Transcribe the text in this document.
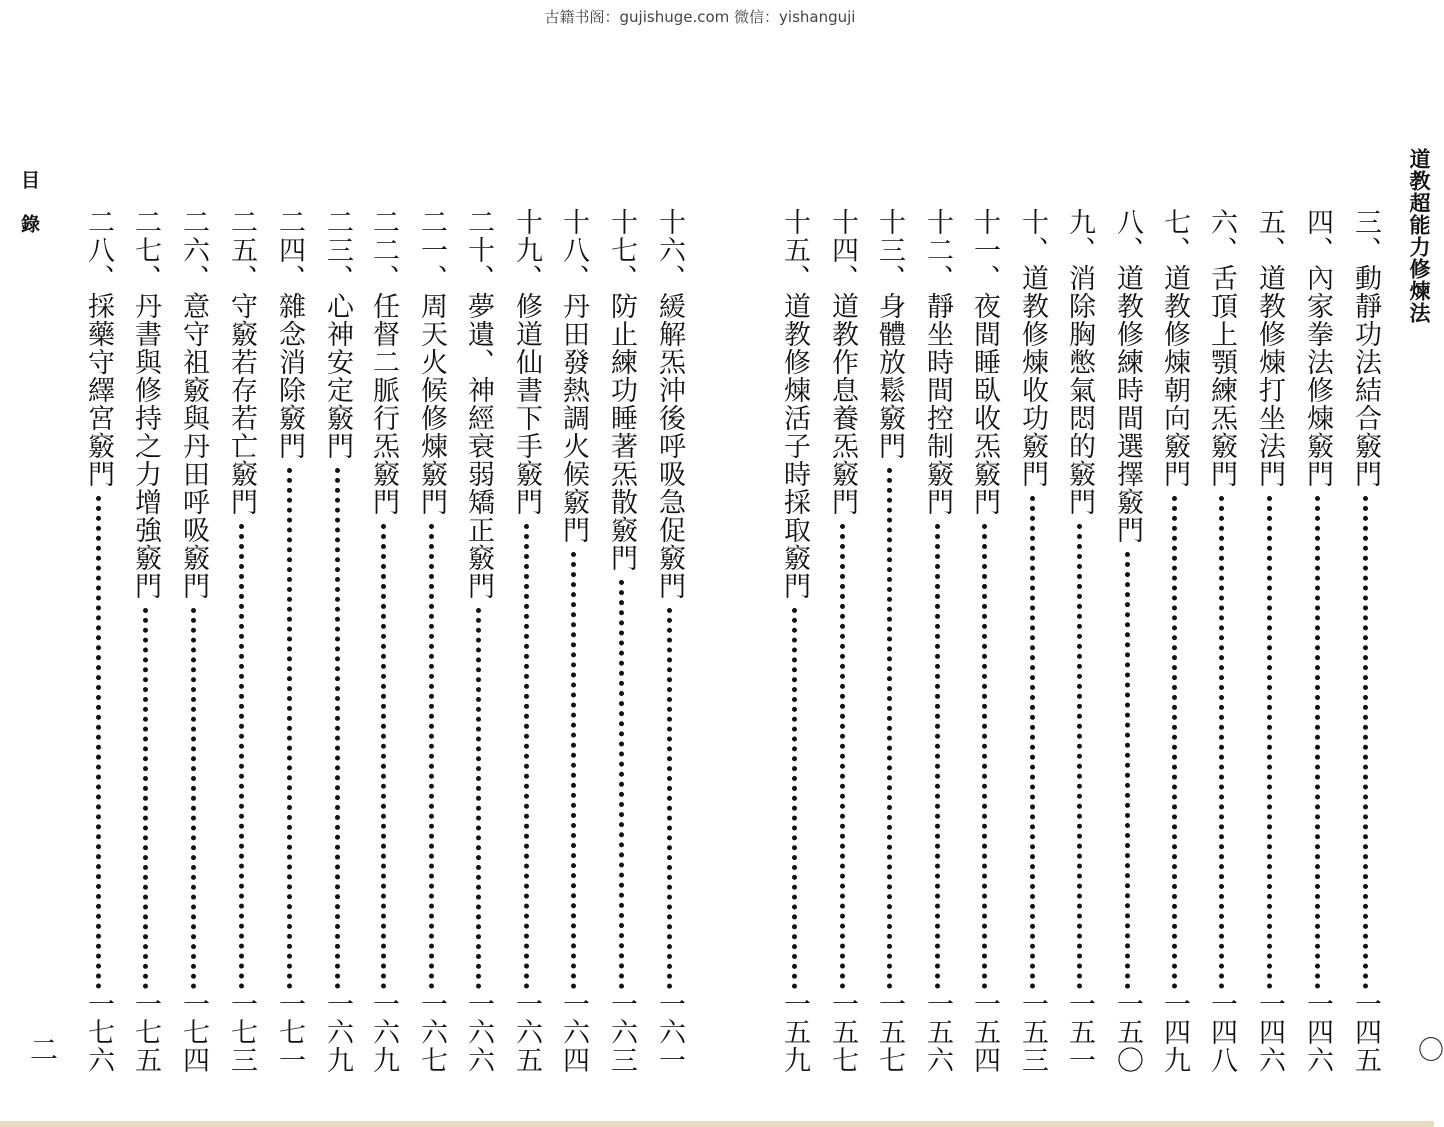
古籍书阁：gujishuge.com 微信：yishanguji
道教超能力修煉法
〇
目錄
二
三、動靜功法結合竅門
一四五
四、內家拳法修煉竅門
一四六
五、道教修煉打坐法門
一四六
六、舌頂上顎練炁竅門
一四八
七、道教修煉朝向竅門
一四九
八、道教修練時間選擇竅門
一五〇
九、消除胸憋氣悶的竅門
一五一
十、道教修煉收功竅門
一五三
十一、夜間睡臥收炁竅門
一五四
十二、靜坐時間控制竅門
一五六
十三、身體放鬆竅門
一五七
十四、道教作息養炁竅門
一五七
十五、道教修煉活子時採取竅門
一五九
十六、緩解炁沖後呼吸急促竅門
一六一
十七、防止練功睡著炁散竅門
一六三
十八、丹田發熱調火候竅門
一六四
十九、修道仙書下手竅門
一六五
二十、夢遺、神經衰弱矯正竅門
一六六
二一、周天火候修煉竅門
一六七
二二、任督二脈行炁竅門
一六九
二三、心神安定竅門
一六九
二四、雜念消除竅門
一七一
二五、守竅若存若亡竅門
一七三
二六、意守祖竅與丹田呼吸竅門
一七四
二七、丹書與修持之力增強竅門
一七五
二八、採藥守繹宮竅門
一七六
